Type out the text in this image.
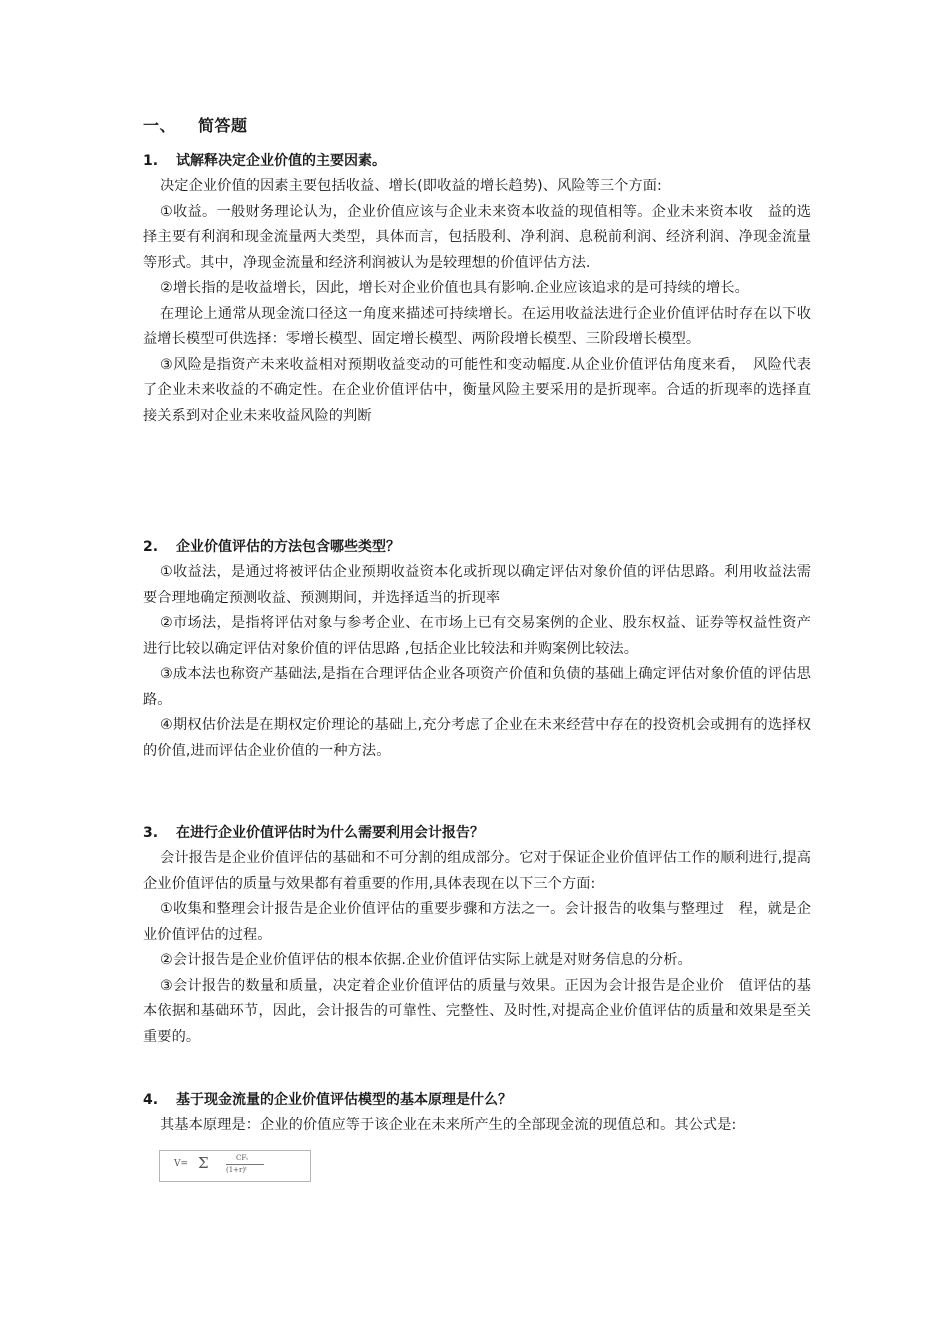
一、 简答题
1. 试解释决定企业价值的主要因素。

决定企业价值的因素主要包括收益、增长(即收益的增长趋势)、风险等三个方面:

①收益。一般财务理论认为，企业价值应该与企业未来资本收益的现值相等。企业未来资本收　益的选择主要有利润和现金流量两大类型，具体而言，包括股利、净利润、息税前利润、经济利润、净现金流量等形式。其中，净现金流量和经济利润被认为是较理想的价值评估方法.

②增长指的是收益增长，因此，增长对企业价值也具有影响.企业应该追求的是可持续的增长。

在理论上通常从现金流口径这一角度来描述可持续增长。在运用收益法进行企业价值评估时存在以下收益增长模型可供选择：零增长模型、固定增长模型、两阶段增长模型、三阶段增长模型。

③风险是指资产未来收益相对预期收益变动的可能性和变动幅度.从企业价值评估角度来看，　风险代表了企业未来收益的不确定性。在企业价值评估中，衡量风险主要采用的是折现率。合适的折现率的选择直接关系到对企业未来收益风险的判断

2. 企业价值评估的方法包含哪些类型？

①收益法，是通过将被评估企业预期收益资本化或折现以确定评估对象价值的评估思路。利用收益法需要合理地确定预测收益、预测期间，并选择适当的折现率

②市场法，是指将评估对象与参考企业、在市场上已有交易案例的企业、股东权益、证券等权益性资产进行比较以确定评估对象价值的评估思路 ,包括企业比较法和并购案例比较法。

③成本法也称资产基础法,是指在合理评估企业各项资产价值和负债的基础上确定评估对象价值的评估思路。

④期权估价法是在期权定价理论的基础上,充分考虑了企业在未来经营中存在的投资机会或拥有的选择权的价值,进而评估企业价值的一种方法。

3. 在进行企业价值评估时为什么需要利用会计报告？

会计报告是企业价值评估的基础和不可分割的组成部分。它对于保证企业价值评估工作的顺利进行,提高企业价值评估的质量与效果都有着重要的作用,具体表现在以下三个方面:

①收集和整理会计报告是企业价值评估的重要步骤和方法之一。会计报告的收集与整理过　程，就是企业价值评估的过程。

②会计报告是企业价值评估的根本依据.企业价值评估实际上就是对财务信息的分析。

③会计报告的数量和质量，决定着企业价值评估的质量与效果。正因为会计报告是企业价　值评估的基本依据和基础环节，因此，会计报告的可靠性、完整性、及时性,对提高企业价值评估的质量和效果是至关重要的。

4. 基于现金流量的企业价值评估模型的基本原理是什么？

其基本原理是：企业的价值应等于该企业在未来所产生的全部现金流的现值总和。其公式是:

V= Σ	CFₜ
(1+r)ᵗ
